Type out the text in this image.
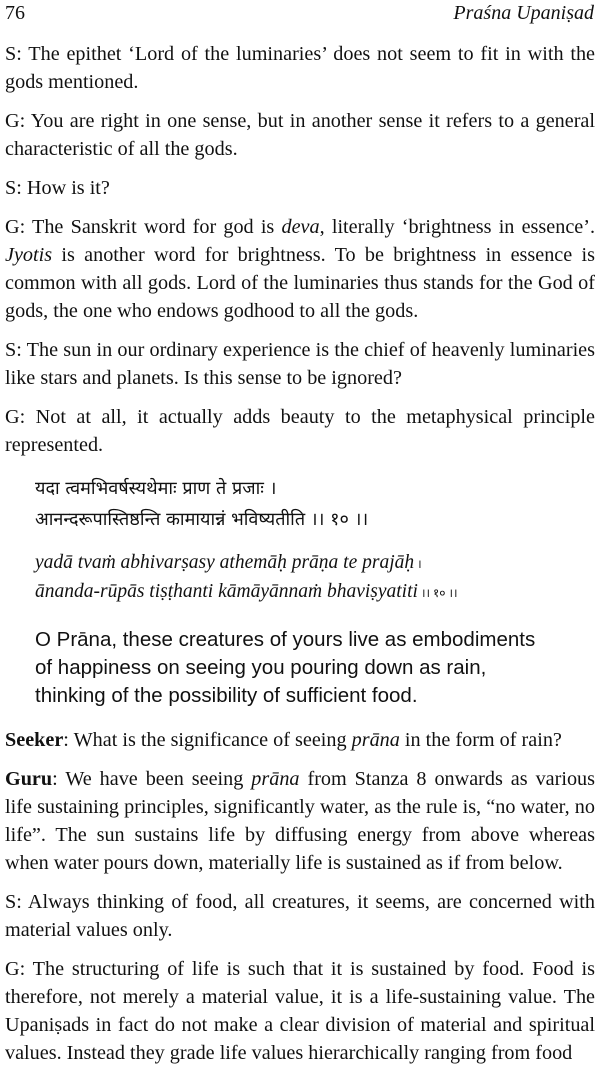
76	Praśna Upaniṣad

S: The epithet ‘Lord of the luminaries’ does not seem to fit in with the gods mentioned.

G: You are right in one sense, but in another sense it refers to a general characteristic of all the gods.

S: How is it?

G: The Sanskrit word for god is deva, literally ‘brightness in essence’. Jyotis is another word for brightness. To be brightness in essence is common with all gods. Lord of the luminaries thus stands for the God of gods, the one who endows godhood to all the gods.

S: The sun in our ordinary experience is the chief of heavenly luminaries like stars and planets. Is this sense to be ignored?

G: Not at all, it actually adds beauty to the metaphysical principle represented.

यदा त्वमभिवर्षस्यथेमाः प्राण ते प्रजाः ।
आनन्दरूपास्तिष्ठन्ति कामायान्नं भविष्यतीति ।। १० ।।
yadā tvaṁ abhivarṣasy athemāḥ prāṇa te prajāḥ ।
ānanda-rūpās tiṣṭhanti kāmāyānnaṁ bhaviṣyatiti ।। १० ।।
O Prāna, these creatures of yours live as embodiments
of happiness on seeing you pouring down as rain,
thinking of the possibility of sufficient food.

Seeker: What is the significance of seeing prāna in the form of rain?

Guru: We have been seeing prāna from Stanza 8 onwards as various life sustaining principles, significantly water, as the rule is, “no water, no life”. The sun sustains life by diffusing energy from above whereas when water pours down, materially life is sustained as if from below.

S: Always thinking of food, all creatures, it seems, are concerned with material values only.

G: The structuring of life is such that it is sustained by food. Food is therefore, not merely a material value, it is a life-sustaining value. The Upaniṣads in fact do not make a clear division of material and spiritual values. Instead they grade life values hierarchically ranging from food
